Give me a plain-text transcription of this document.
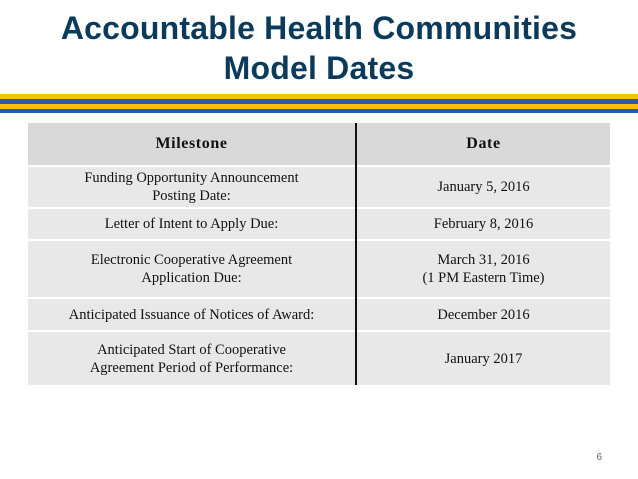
Accountable Health Communities
Model Dates
Milestone	Date

Funding Opportunity Announcement
Posting Date:	January 5, 2016

Letter of Intent to Apply Due:	February 8, 2016

Electronic Cooperative Agreement
Application Due:	March 31, 2016
(1 PM Eastern Time)

Anticipated Issuance of Notices of Award:	December 2016

Anticipated Start of Cooperative
Agreement Period of Performance:	January 2017
6
